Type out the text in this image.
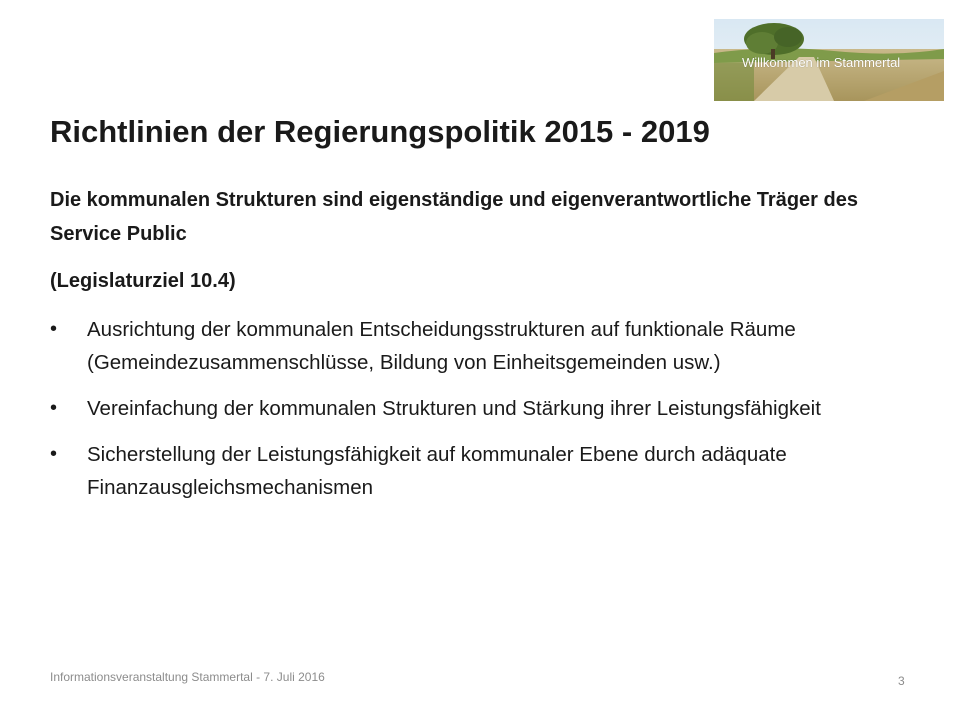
Willkommen im Stammertal
Richtlinien der Regierungspolitik 2015 - 2019

Die kommunalen Strukturen sind eigenständige und eigenverantwortliche Träger des Service Public

(Legislaturziel 10.4)

• Ausrichtung der kommunalen Entscheidungsstrukturen auf funktionale Räume (Gemeindezusammenschlüsse, Bildung von Einheitsgemeinden usw.)
• Vereinfachung der kommunalen Strukturen und Stärkung ihrer Leistungsfähigkeit
• Sicherstellung der Leistungsfähigkeit auf kommunaler Ebene durch adäquate Finanzausgleichsmechanismen
Informationsveranstaltung Stammertal - 7. Juli 2016	3
